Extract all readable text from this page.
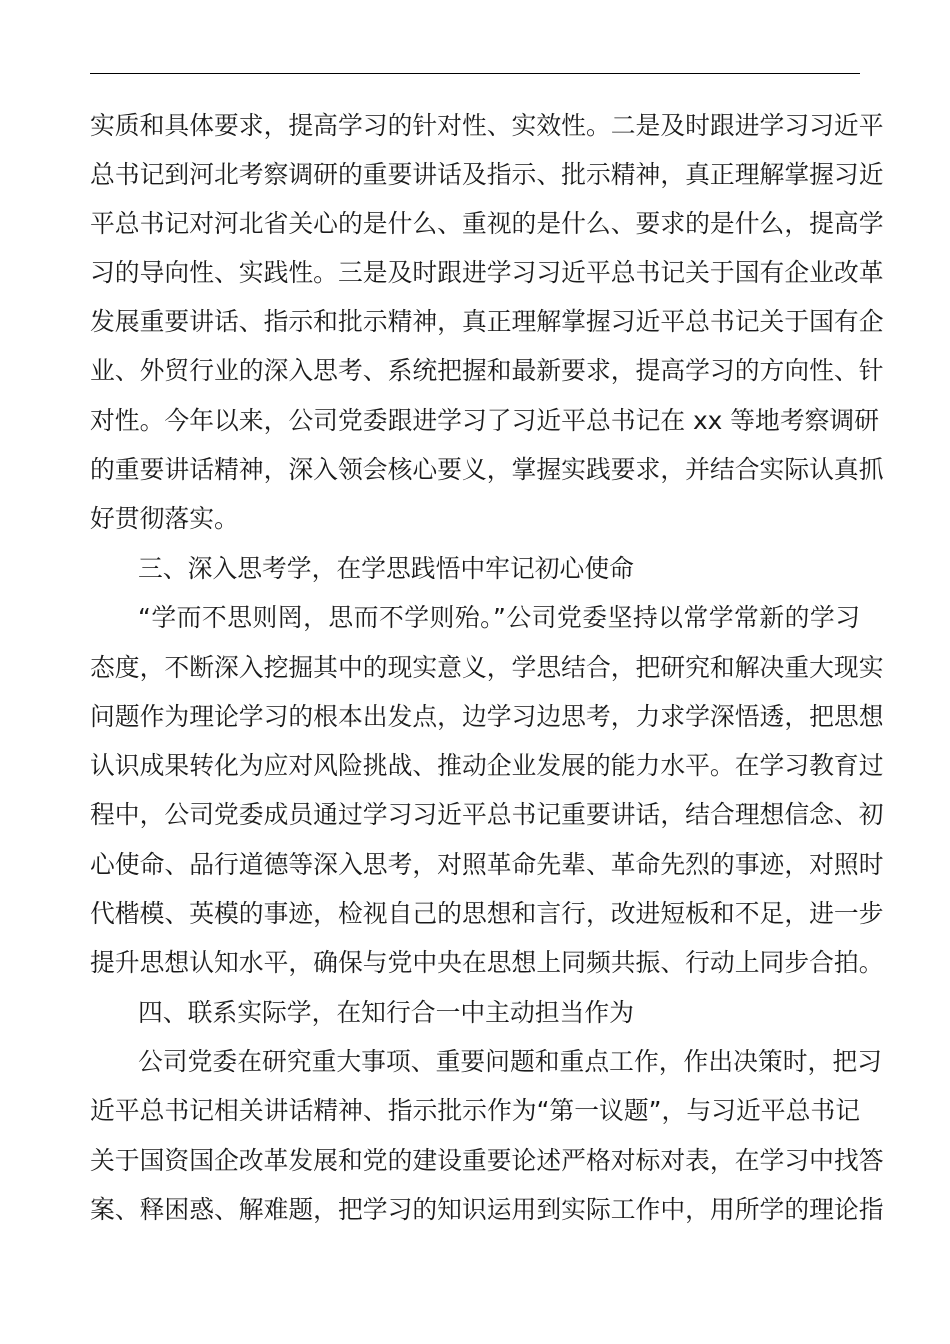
实质和具体要求，提高学习的针对性、实效性。二是及时跟进学习习近平
总书记到河北考察调研的重要讲话及指示、批示精神，真正理解掌握习近
平总书记对河北省关心的是什么、重视的是什么、要求的是什么，提高学
习的导向性、实践性。三是及时跟进学习习近平总书记关于国有企业改革
发展重要讲话、指示和批示精神，真正理解掌握习近平总书记关于国有企
业、外贸行业的深入思考、系统把握和最新要求，提高学习的方向性、针
对性。今年以来，公司党委跟进学习了习近平总书记在 xx 等地考察调研
的重要讲话精神，深入领会核心要义，掌握实践要求，并结合实际认真抓
好贯彻落实。
三、深入思考学，在学思践悟中牢记初心使命
“学而不思则罔，思而不学则殆。”公司党委坚持以常学常新的学习
态度，不断深入挖掘其中的现实意义，学思结合，把研究和解决重大现实
问题作为理论学习的根本出发点，边学习边思考，力求学深悟透，把思想
认识成果转化为应对风险挑战、推动企业发展的能力水平。在学习教育过
程中，公司党委成员通过学习习近平总书记重要讲话，结合理想信念、初
心使命、品行道德等深入思考，对照革命先辈、革命先烈的事迹，对照时
代楷模、英模的事迹，检视自己的思想和言行，改进短板和不足，进一步
提升思想认知水平，确保与党中央在思想上同频共振、行动上同步合拍。
四、联系实际学，在知行合一中主动担当作为
公司党委在研究重大事项、重要问题和重点工作，作出决策时，把习
近平总书记相关讲话精神、指示批示作为“第一议题”，与习近平总书记
关于国资国企改革发展和党的建设重要论述严格对标对表，在学习中找答
案、释困惑、解难题，把学习的知识运用到实际工作中，用所学的理论指
